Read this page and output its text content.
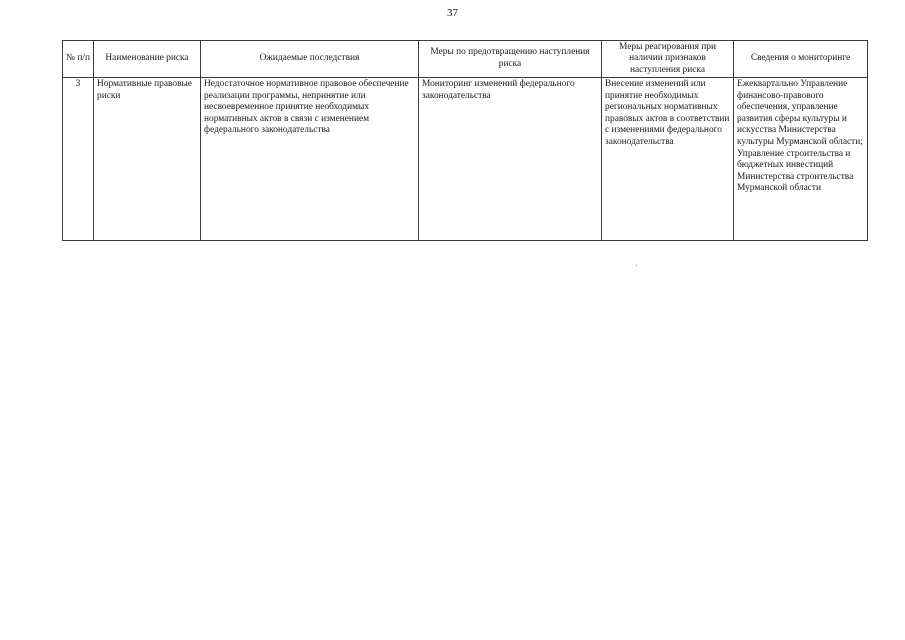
37
№ п/п	Наименование риска	Ожидаемые последствия	Меры по предотвращению наступления риска	Меры реагирования при наличии признаков наступления риска	Сведения о мониторинге
3	Нормативные правовые риски	Недостаточное нормативное правовое обеспечение реализации программы, непринятие или несвоевременное принятие необходимых нормативных актов в связи с изменением федерального законодательства	Мониторинг изменений федерального законодательства	Внесение изменений или принятие необходимых региональных нормативных правовых актов в соответствии с изменениями федерального законодательства	Ежеквартально Управление финансово-правового обеспечения, управление развития сферы культуры и искусства Министерства культуры Мурманской области; Управление строительства и бюджетных инвестиций Министерства строительства Мурманской области
